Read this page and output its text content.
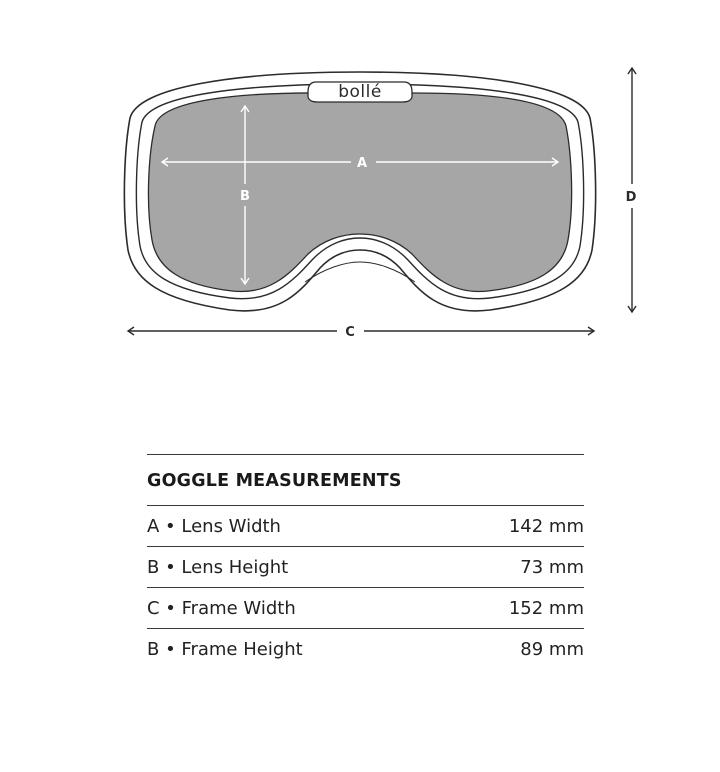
bollé
A
B
C
D
GOGGLE MEASUREMENTS
A • Lens Width	142 mm
B • Lens Height	73 mm
C • Frame Width	152 mm
B • Frame Height	89 mm
